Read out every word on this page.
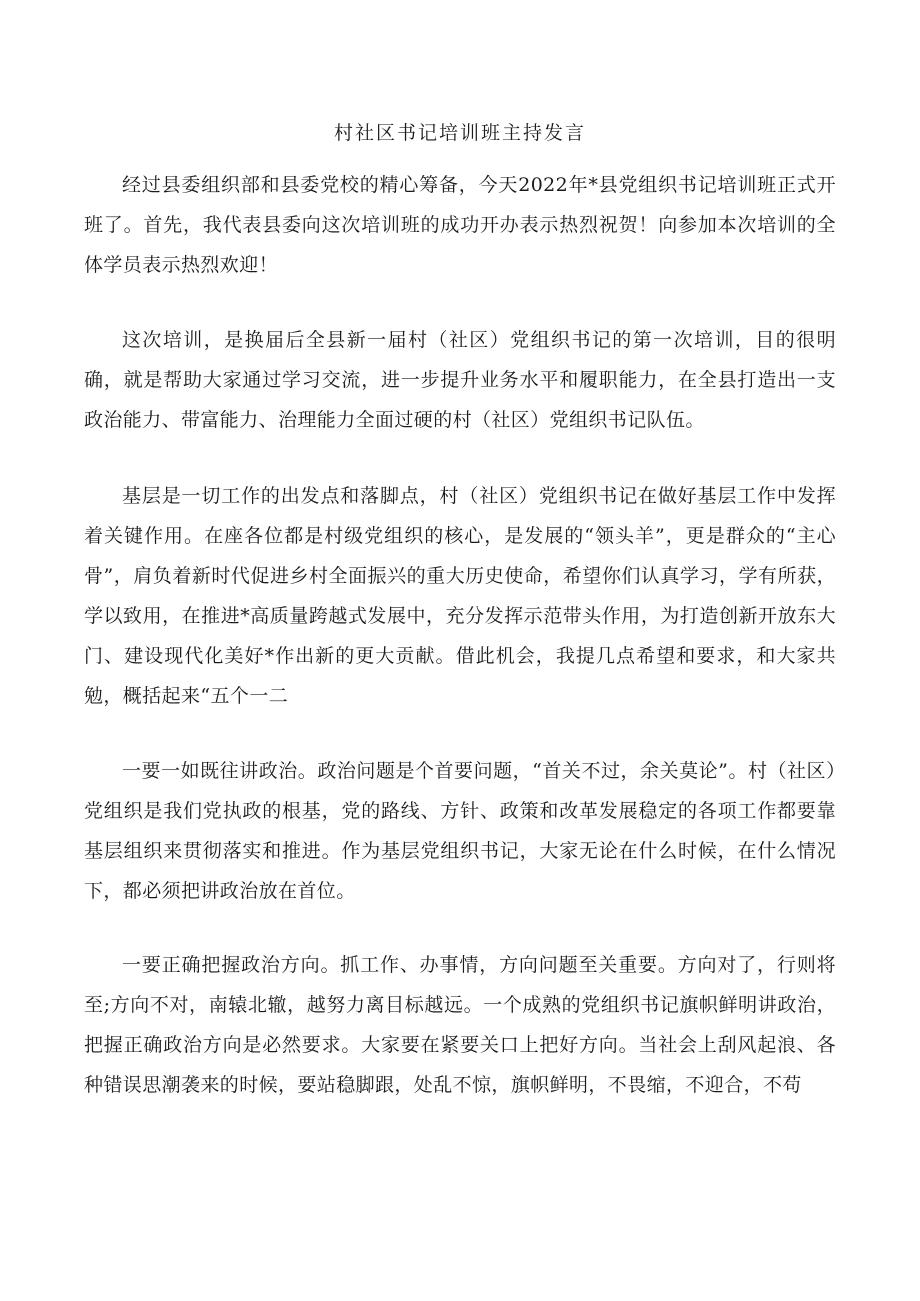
村社区书记培训班主持发言

经过县委组织部和县委党校的精心筹备，今天2022年*县党组织书记培训班正式开班了。首先，我代表县委向这次培训班的成功开办表示热烈祝贺！向参加本次培训的全体学员表示热烈欢迎！

这次培训，是换届后全县新一届村（社区）党组织书记的第一次培训，目的很明确，就是帮助大家通过学习交流，进一步提升业务水平和履职能力，在全县打造出一支政治能力、带富能力、治理能力全面过硬的村（社区）党组织书记队伍。

基层是一切工作的出发点和落脚点，村（社区）党组织书记在做好基层工作中发挥着关键作用。在座各位都是村级党组织的核心，是发展的“领头羊”，更是群众的“主心骨”，肩负着新时代促进乡村全面振兴的重大历史使命，希望你们认真学习，学有所获，学以致用，在推进*高质量跨越式发展中，充分发挥示范带头作用，为打造创新开放东大门、建设现代化美好*作出新的更大贡献。借此机会，我提几点希望和要求，和大家共勉，概括起来“五个一二

一要一如既往讲政治。政治问题是个首要问题，“首关不过，余关莫论”。村（社区）党组织是我们党执政的根基，党的路线、方针、政策和改革发展稳定的各项工作都要靠基层组织来贯彻落实和推进。作为基层党组织书记，大家无论在什么时候，在什么情况下，都必须把讲政治放在首位。

一要正确把握政治方向。抓工作、办事情，方向问题至关重要。方向对了，行则将至;方向不对，南辕北辙，越努力离目标越远。一个成熟的党组织书记旗帜鲜明讲政治，把握正确政治方向是必然要求。大家要在紧要关口上把好方向。当社会上刮风起浪、各种错误思潮袭来的时候，要站稳脚跟，处乱不惊，旗帜鲜明，不畏缩，不迎合，不苟
